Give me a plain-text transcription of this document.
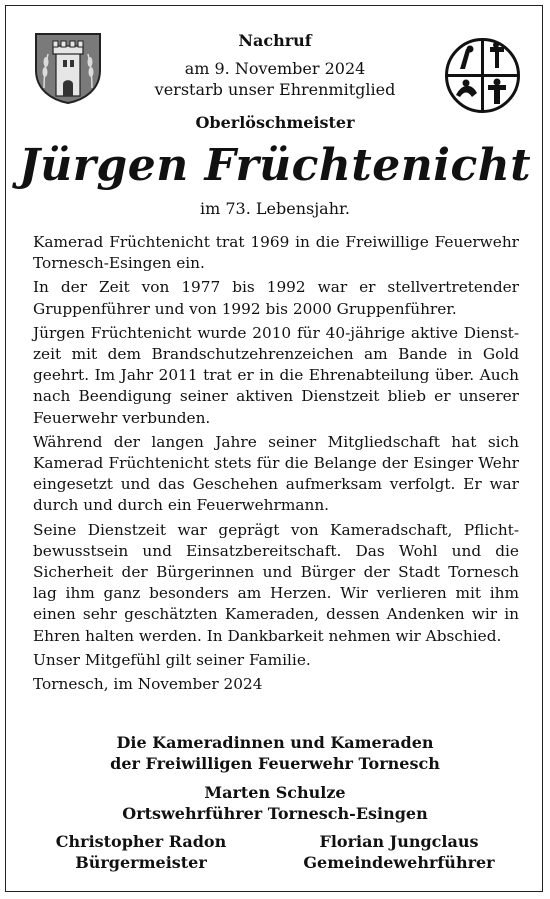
Nachruf
am 9. November 2024
verstarb unser Ehrenmitglied
Oberlöschmeister
Jürgen Früchtenicht
im 73. Lebensjahr.

Kamerad Früchtenicht trat 1969 in die Freiwillige Feuerwehr Tornesch-Esingen ein.

In der Zeit von 1977 bis 1992 war er stellvertretender Gruppenführer und von 1992 bis 2000 Gruppenführer.

Jürgen Früchtenicht wurde 2010 für 40-jährige aktive Dienstzeit mit dem Brandschutzehrenzeichen am Bande in Gold geehrt. Im Jahr 2011 trat er in die Ehrenabteilung über. Auch nach Beendigung seiner aktiven Dienstzeit blieb er unserer Feuerwehr verbunden.

Während der langen Jahre seiner Mitgliedschaft hat sich Kamerad Früchtenicht stets für die Belange der Esinger Wehr eingesetzt und das Geschehen aufmerksam verfolgt. Er war durch und durch ein Feuerwehrmann.

Seine Dienstzeit war geprägt von Kameradschaft, Pflichtbewusstsein und Einsatzbereitschaft. Das Wohl und die Sicherheit der Bürgerinnen und Bürger der Stadt Tornesch lag ihm ganz besonders am Herzen. Wir verlieren mit ihm einen sehr geschätzten Kameraden, dessen Andenken wir in Ehren halten werden. In Dankbarkeit nehmen wir Abschied.

Unser Mitgefühl gilt seiner Familie.

Tornesch, im November 2024

Die Kameradinnen und Kameraden
der Freiwilligen Feuerwehr Tornesch
Marten Schulze
Ortswehrführer Tornesch-Esingen
Christopher Radon
Bürgermeister
Florian Jungclaus
Gemeindewehrführer
